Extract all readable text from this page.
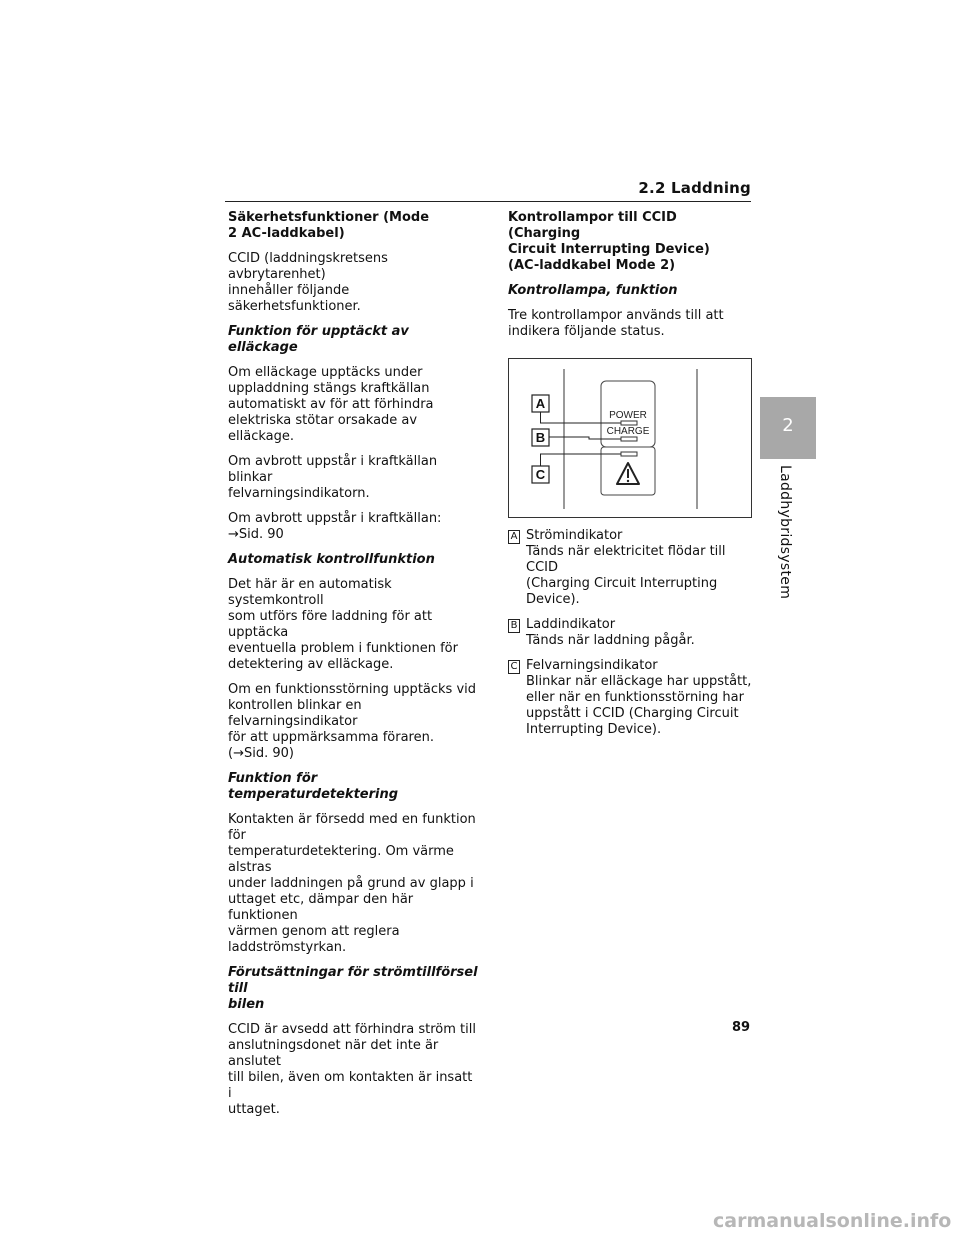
2.2 Laddning
Säkerhetsfunktioner (Mode
2 AC-laddkabel)

CCID (laddningskretsens avbrytarenhet)
innehåller följande säkerhetsfunktioner.

Funktion för upptäckt av elläckage

Om elläckage upptäcks under
uppladdning stängs kraftkällan
automatiskt av för att förhindra
elektriska stötar orsakade av elläckage.

Om avbrott uppstår i kraftkällan blinkar
felvarningsindikatorn.

Om avbrott uppstår i kraftkällan:
→Sid. 90

Automatisk kontrollfunktion

Det här är en automatisk systemkontroll
som utförs före laddning för att upptäcka
eventuella problem i funktionen för
detektering av elläckage.

Om en funktionsstörning upptäcks vid
kontrollen blinkar en felvarningsindikator
för att uppmärksamma föraren.
(→Sid. 90)

Funktion för temperaturdetektering

Kontakten är försedd med en funktion för
temperaturdetektering. Om värme alstras
under laddningen på grund av glapp i
uttaget etc, dämpar den här funktionen
värmen genom att reglera
laddströmstyrkan.

Förutsättningar för strömtillförsel till
bilen

CCID är avsedd att förhindra ström till
anslutningsdonet när det inte är anslutet
till bilen, även om kontakten är insatt i
uttaget.

Kontrollampor till CCID (Charging
Circuit Interrupting Device)
(AC-laddkabel Mode 2)
Kontrollampa, funktion

Tre kontrollampor används till att
indikera följande status.

POWER
CHARGE
A
B
C
A Strömindikator
Tänds när elektricitet flödar till CCID
(Charging Circuit Interrupting
Device).
B Laddindikator
Tänds när laddning pågår.
C Felvarningsindikator
Blinkar när elläckage har uppstått,
eller när en funktionsstörning har
uppstått i CCID (Charging Circuit
Interrupting Device).
2
Laddhybridsystem
89
carmanualsonline.info
